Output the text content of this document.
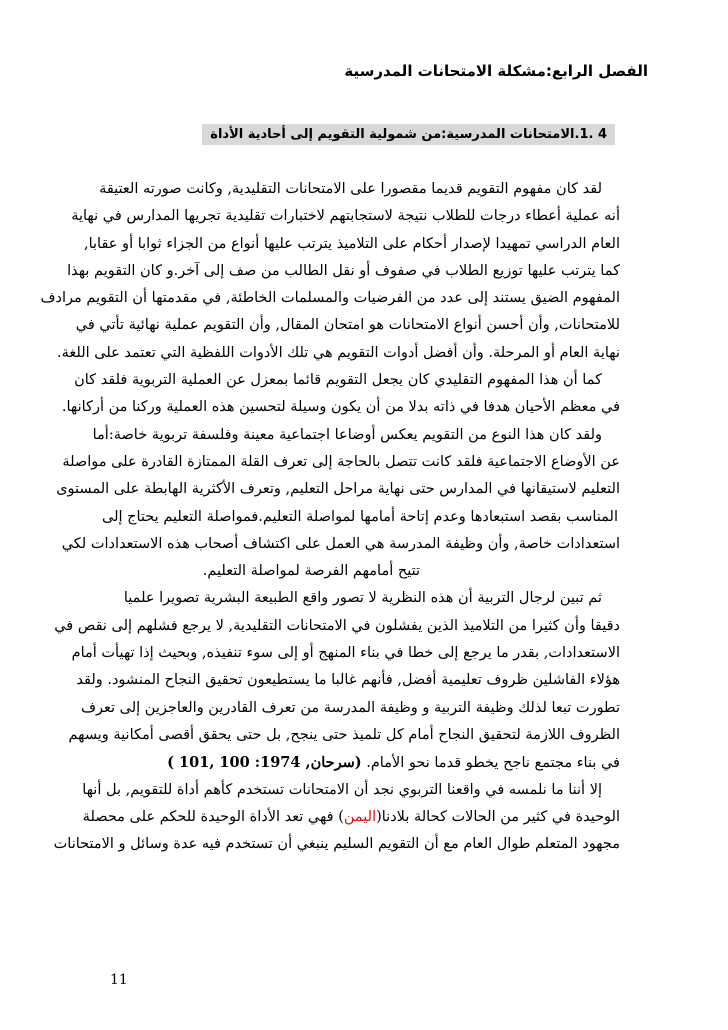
الفصل الرابع:مشكلة الامتحانات المدرسية
4 .1.الامتحانات المدرسية:من شمولية التقويم إلى أحادية الأداة
لقد كان مفهوم التقويم قديما مقصورا على الامتحانات التقليدية, وكانت صورته العتيقة
أنه عملية أعطاء درجات للطلاب نتيجة لاستجابتهم لاختبارات تقليدية تجريها المدارس في نهاية
العام الدراسي تمهيدا لإصدار أحكام على التلاميذ يترتب عليها أنواع من الجزاء ثوابا أو عقابا,
كما يترتب عليها توزيع الطلاب في صفوف أو نقل الطالب من صف إلى آخر.و كان التقويم بهذا
المفهوم الضيق يستند إلى عدد من الفرضيات والمسلمات الخاطئة, في مقدمتها أن التقويم مرادف
للامتحانات, وأن أحسن أنواع الامتحانات هو امتحان المقال, وأن التقويم عملية نهائية تأتي في
نهاية العام أو المرحلة. وأن أفضل أدوات التقويم هي تلك الأدوات اللفظية التي تعتمد على اللغة.
كما أن هذا المفهوم التقليدي كان يجعل التقويم قائما بمعزل عن العملية التربوية فلقد كان
في معظم الأحيان هدفا في ذاته بدلا من أن يكون وسيلة لتحسين هذه العملية وركنا من أركانها.
ولقد كان هذا النوع من التقويم يعكس أوضاعا اجتماعية معينة وفلسفة تربوية خاصة:أما
عن الأوضاع الاجتماعية فلقد كانت تتصل بالحاجة إلى تعرف القلة الممتازة القادرة على مواصلة
التعليم لاستيقانها في المدارس حتى نهاية مراحل التعليم, وتعرف الأكثرية الهابطة على المستوى
المناسب بقصد استبعادها وعدم إتاحة أمامها لمواصلة التعليم.فمواصلة التعليم يحتاج إلى
استعدادات خاصة, وأن وظيفة المدرسة هي العمل على اكتشاف أصحاب هذه الاستعدادات لكي
تتيح أمامهم الفرصة لمواصلة التعليم.
ثم تبين لرجال التربية أن هذه النظرية لا تصور واقع الطبيعة البشرية تصويرا علميا
دقيقا وأن كثيرا من التلاميذ الذين يفشلون في الامتحانات التقليدية, لا يرجع فشلهم إلى نقص في
الاستعدادات, بقدر ما يرجع إلى خطا في بناء المنهج أو إلى سوء تنفيذه, وبحيث إذا تهيأت أمام
هؤلاء الفاشلين ظروف تعليمية أفضل, فأنهم غالبا ما يستطيعون تحقيق النجاح المنشود. ولقد
تطورت تبعا لذلك وظيفة التربية و وظيفة المدرسة من تعرف القادرين والعاجزين إلى تعرف
الظروف اللازمة لتحقيق النجاح أمام كل تلميذ حتى ينجح, بل حتى يحقق أقصى أمكانية ويسهم
في بناء مجتمع ناجح يخطو قدما نحو الأمام. (سرحان, 1974: 100 ,101 )
إلا أننا ما نلمسه في واقعنا التربوي نجد أن الامتحانات تستخدم كأهم أداة للتقويم, بل أنها
الوحيدة في كثير من الحالات كحالة بلادنا(اليمن) فهي تعد الأداة الوحيدة للحكم على محصلة
مجهود المتعلم طوال العام مع أن التقويم السليم ينبغي أن تستخدم فيه عدة وسائل و الامتحانات
11
